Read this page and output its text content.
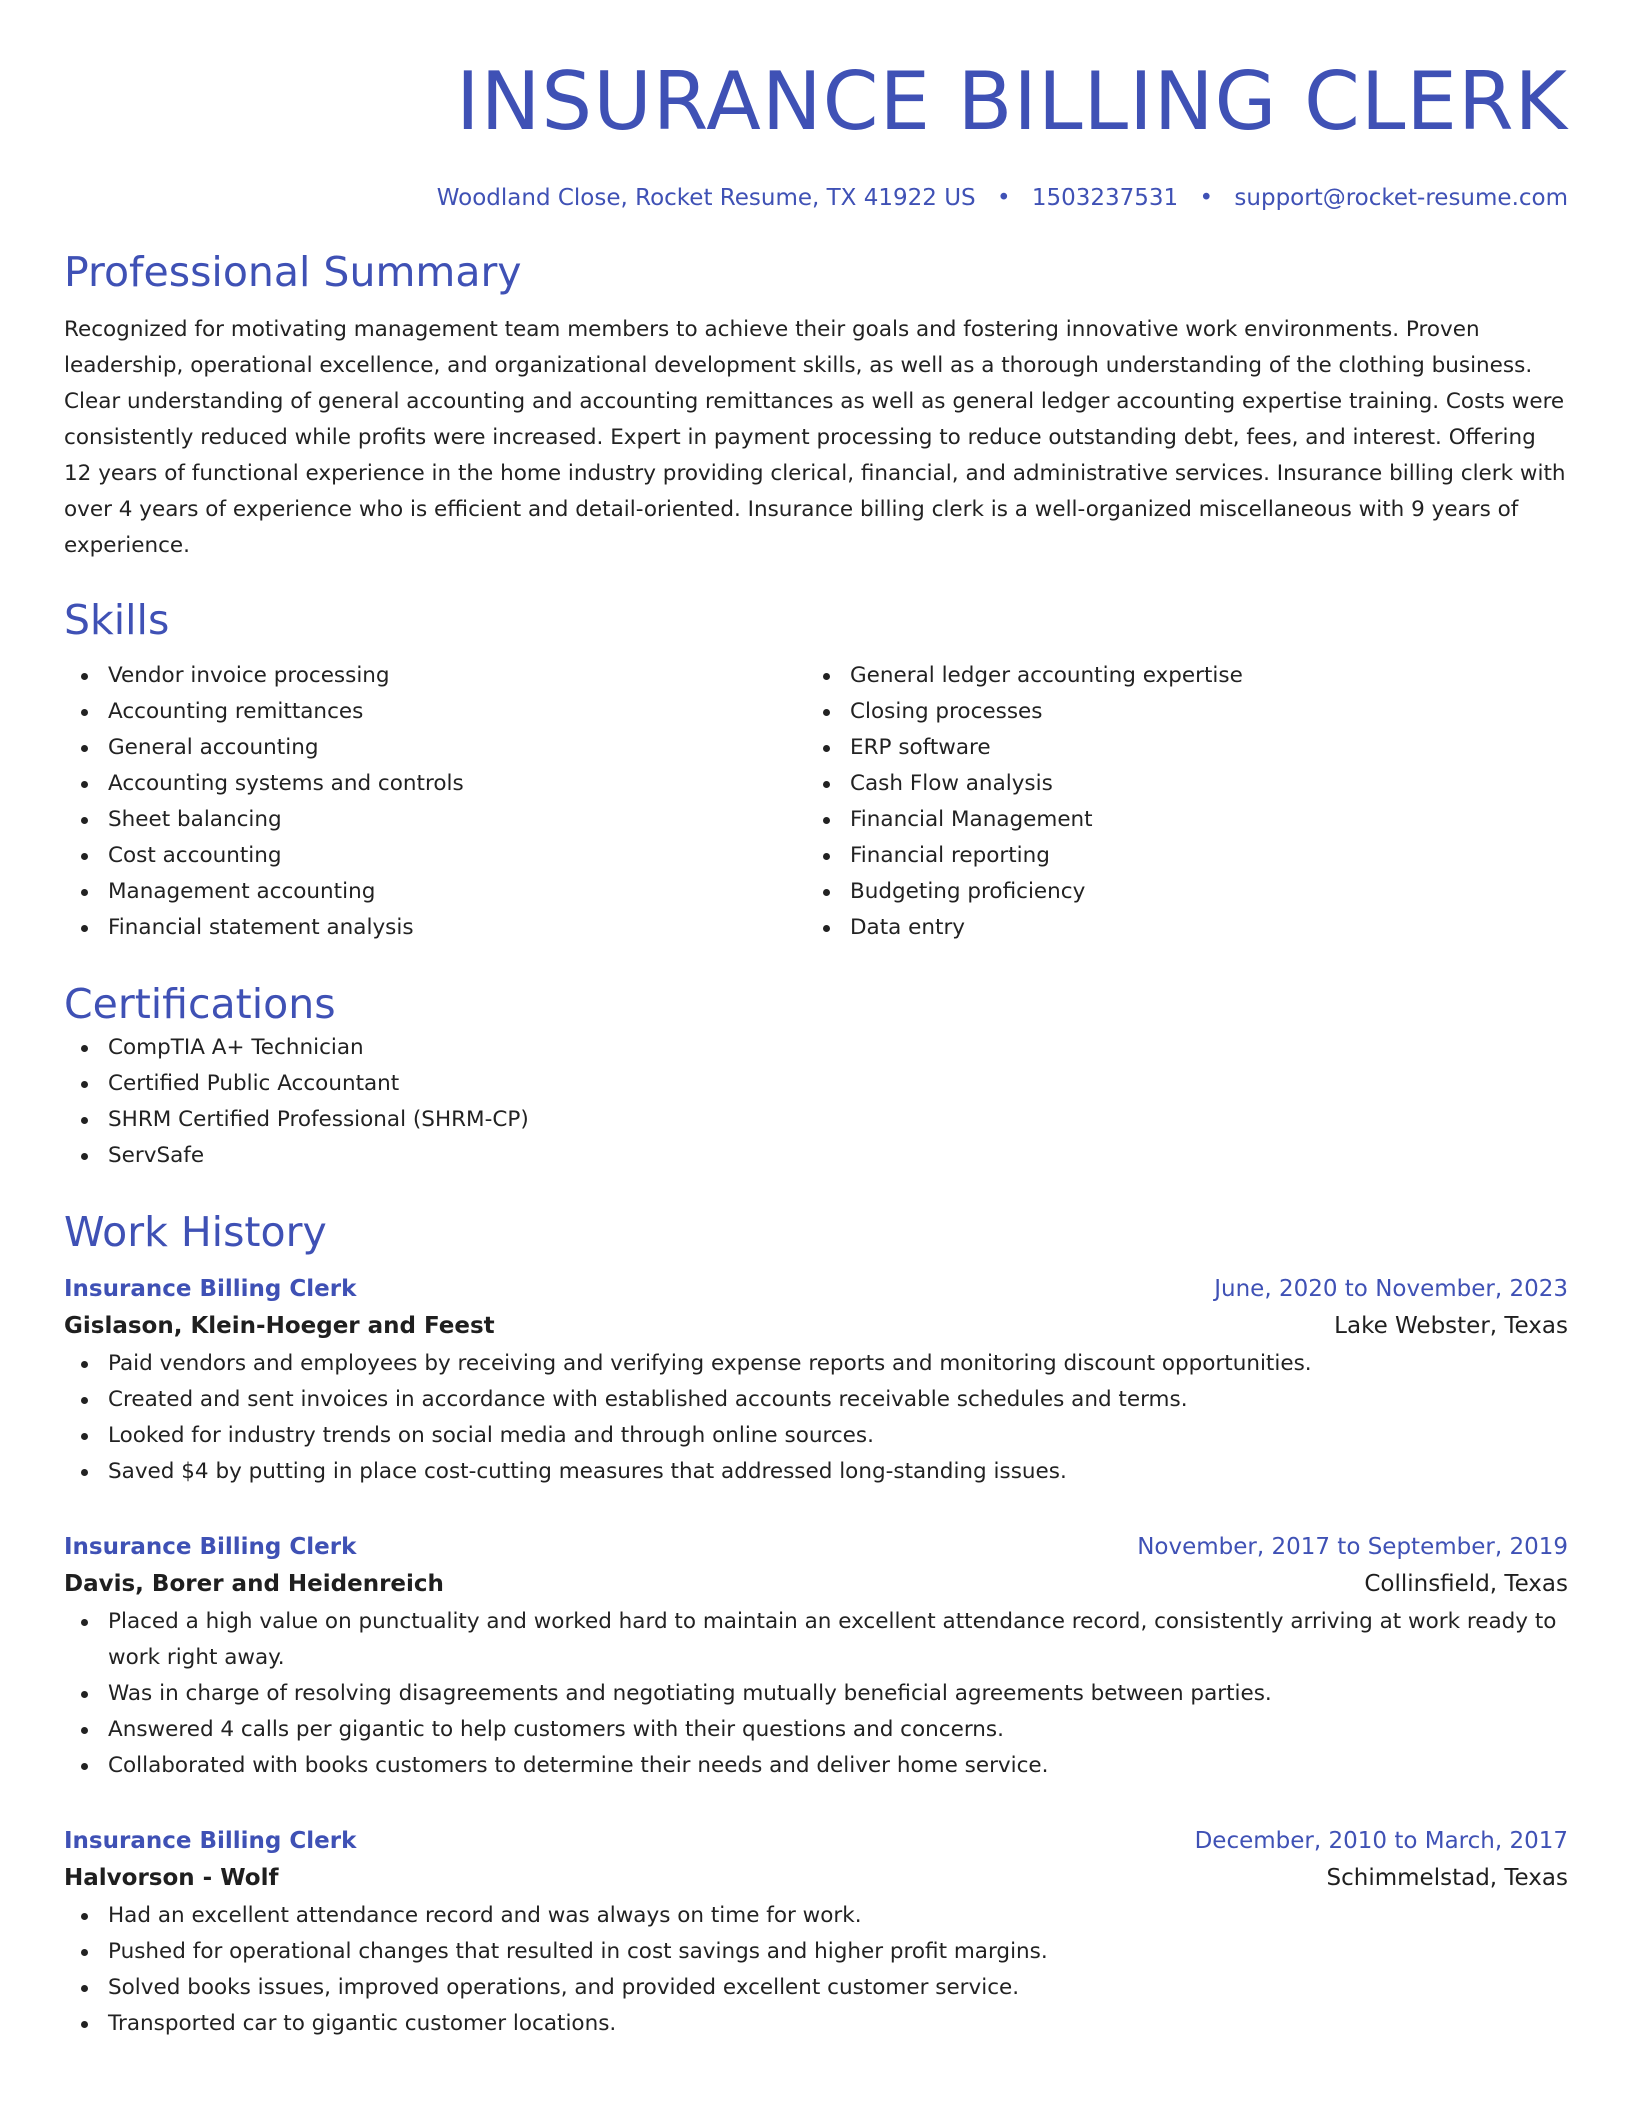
INSURANCE BILLING CLERK
Woodland Close, Rocket Resume, TX 41922 US • 1503237531 • support@rocket-resume.com
Professional Summary
Recognized for motivating management team members to achieve their goals and fostering innovative work environments. Proven leadership, operational excellence, and organizational development skills, as well as a thorough understanding of the clothing business. Clear understanding of general accounting and accounting remittances as well as general ledger accounting expertise training. Costs were consistently reduced while profits were increased. Expert in payment processing to reduce outstanding debt, fees, and interest. Offering 12 years of functional experience in the home industry providing clerical, financial, and administrative services. Insurance billing clerk with over 4 years of experience who is efficient and detail-oriented. Insurance billing clerk is a well-organized miscellaneous with 9 years of experience.
Skills
Vendor invoice processing
Accounting remittances
General accounting
Accounting systems and controls
Sheet balancing
Cost accounting
Management accounting
Financial statement analysis
General ledger accounting expertise
Closing processes
ERP software
Cash Flow analysis
Financial Management
Financial reporting
Budgeting proficiency
Data entry
Certifications
CompTIA A+ Technician
Certified Public Accountant
SHRM Certified Professional (SHRM-CP)
ServSafe
Work History
Insurance Billing Clerk	June, 2020 to November, 2023
Gislason, Klein-Hoeger and Feest	Lake Webster, Texas
Paid vendors and employees by receiving and verifying expense reports and monitoring discount opportunities.
Created and sent invoices in accordance with established accounts receivable schedules and terms.
Looked for industry trends on social media and through online sources.
Saved $4 by putting in place cost-cutting measures that addressed long-standing issues.
Insurance Billing Clerk	November, 2017 to September, 2019
Davis, Borer and Heidenreich	Collinsfield, Texas
Placed a high value on punctuality and worked hard to maintain an excellent attendance record, consistently arriving at work ready to work right away.
Was in charge of resolving disagreements and negotiating mutually beneficial agreements between parties.
Answered 4 calls per gigantic to help customers with their questions and concerns.
Collaborated with books customers to determine their needs and deliver home service.
Insurance Billing Clerk	December, 2010 to March, 2017
Halvorson - Wolf	Schimmelstad, Texas
Had an excellent attendance record and was always on time for work.
Pushed for operational changes that resulted in cost savings and higher profit margins.
Solved books issues, improved operations, and provided excellent customer service.
Transported car to gigantic customer locations.
